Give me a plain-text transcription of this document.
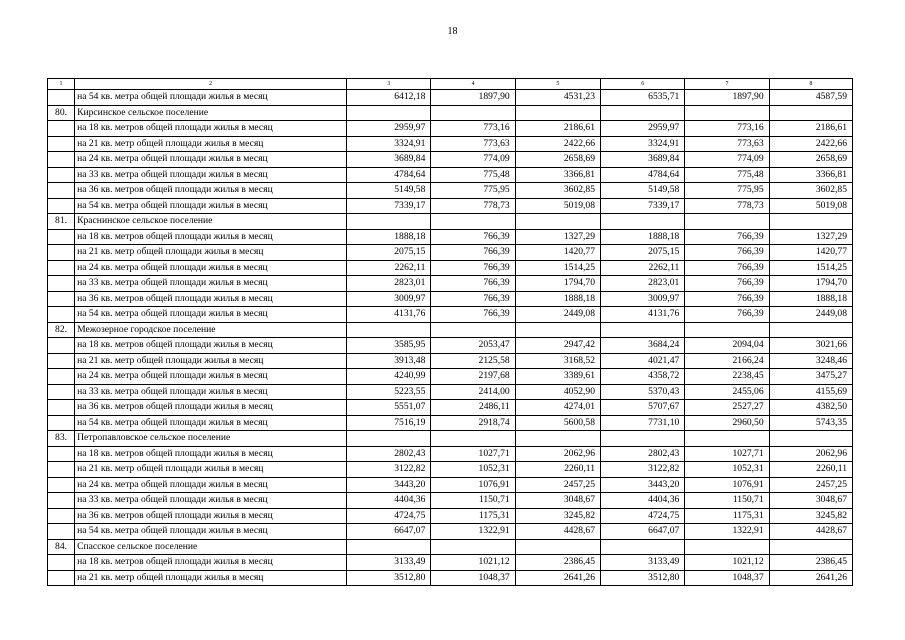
18
1	2	3	4	5	6	7	8
	на 54 кв. метра общей площади жилья в месяц	6412,18	1897,90	4531,23	6535,71	1897,90	4587,59
80.	Кирсинское сельское поселение						
	на 18 кв. метров общей площади жилья в месяц	2959,97	773,16	2186,61	2959,97	773,16	2186,61
	на 21 кв. метр общей площади жилья в месяц	3324,91	773,63	2422,66	3324,91	773,63	2422,66
	на 24 кв. метра общей площади жилья в месяц	3689,84	774,09	2658,69	3689,84	774,09	2658,69
	на 33 кв. метра общей площади жилья в месяц	4784,64	775,48	3366,81	4784,64	775,48	3366,81
	на 36 кв. метров общей площади жилья в месяц	5149,58	775,95	3602,85	5149,58	775,95	3602,85
	на 54 кв. метра общей площади жилья в месяц	7339,17	778,73	5019,08	7339,17	778,73	5019,08
81.	Краснинское сельское поселение						
	на 18 кв. метров общей площади жилья в месяц	1888,18	766,39	1327,29	1888,18	766,39	1327,29
	на 21 кв. метр общей площади жилья в месяц	2075,15	766,39	1420,77	2075,15	766,39	1420,77
	на 24 кв. метра общей площади жилья в месяц	2262,11	766,39	1514,25	2262,11	766,39	1514,25
	на 33 кв. метра общей площади жилья в месяц	2823,01	766,39	1794,70	2823,01	766,39	1794,70
	на 36 кв. метров общей площади жилья в месяц	3009,97	766,39	1888,18	3009,97	766,39	1888,18
	на 54 кв. метра общей площади жилья в месяц	4131,76	766,39	2449,08	4131,76	766,39	2449,08
82.	Межозерное городское поселение						
	на 18 кв. метров общей площади жилья в месяц	3585,95	2053,47	2947,42	3684,24	2094,04	3021,66
	на 21 кв. метр общей площади жилья в месяц	3913,48	2125,58	3168,52	4021,47	2166,24	3248,46
	на 24 кв. метра общей площади жилья в месяц	4240,99	2197,68	3389,61	4358,72	2238,45	3475,27
	на 33 кв. метра общей площади жилья в месяц	5223,55	2414,00	4052,90	5370,43	2455,06	4155,69
	на 36 кв. метров общей площади жилья в месяц	5551,07	2486,11	4274,01	5707,67	2527,27	4382,50
	на 54 кв. метра общей площади жилья в месяц	7516,19	2918,74	5600,58	7731,10	2960,50	5743,35
83.	Петропавловское сельское поселение						
	на 18 кв. метров общей площади жилья в месяц	2802,43	1027,71	2062,96	2802,43	1027,71	2062,96
	на 21 кв. метр общей площади жилья в месяц	3122,82	1052,31	2260,11	3122,82	1052,31	2260,11
	на 24 кв. метра общей площади жилья в месяц	3443,20	1076,91	2457,25	3443,20	1076,91	2457,25
	на 33 кв. метра общей площади жилья в месяц	4404,36	1150,71	3048,67	4404,36	1150,71	3048,67
	на 36 кв. метров общей площади жилья в месяц	4724,75	1175,31	3245,82	4724,75	1175,31	3245,82
	на 54 кв. метра общей площади жилья в месяц	6647,07	1322,91	4428,67	6647,07	1322,91	4428,67
84.	Спасское сельское поселение						
	на 18 кв. метров общей площади жилья в месяц	3133,49	1021,12	2386,45	3133,49	1021,12	2386,45
	на 21 кв. метр общей площади жилья в месяц	3512,80	1048,37	2641,26	3512,80	1048,37	2641,26
